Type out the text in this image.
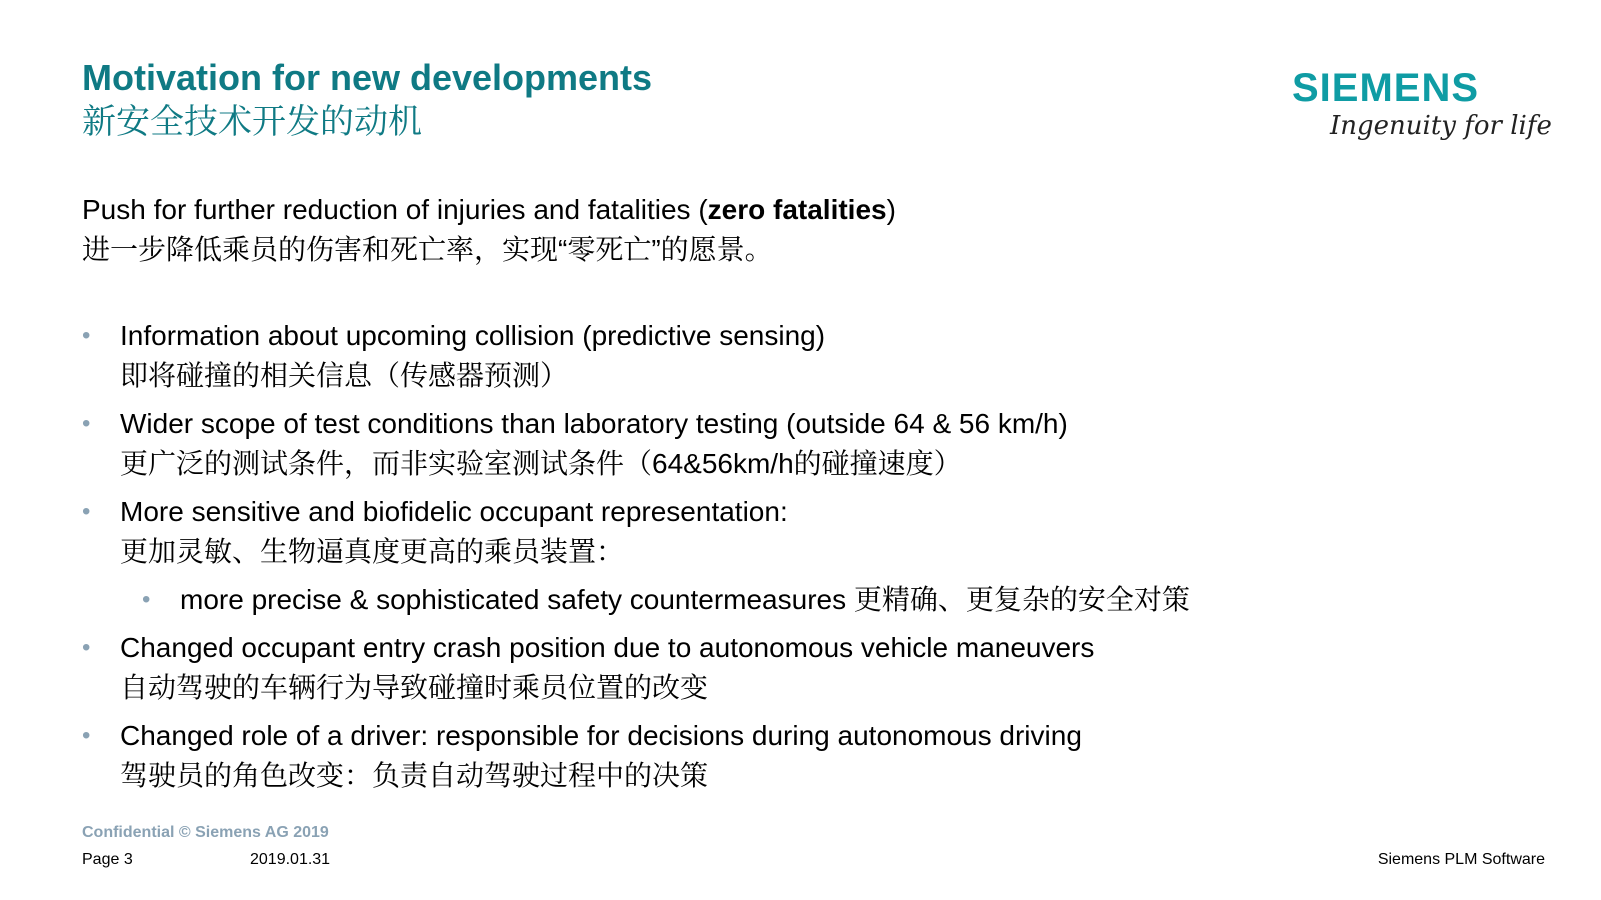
Motivation for new developments
新安全技术开发的动机
SIEMENS
Ingenuity for life
Push for further reduction of injuries and fatalities (zero fatalities)
进一步降低乘员的伤害和死亡率，实现“零死亡”的愿景。
• Information about upcoming collision (predictive sensing)
即将碰撞的相关信息（传感器预测）
• Wider scope of test conditions than laboratory testing (outside 64 & 56 km/h)
更广泛的测试条件，而非实验室测试条件（64&56km/h的碰撞速度）
• More sensitive and biofidelic occupant representation:
更加灵敏、生物逼真度更高的乘员装置：
• more precise & sophisticated safety countermeasures 更精确、更复杂的安全对策
• Changed occupant entry crash position due to autonomous vehicle maneuvers
自动驾驶的车辆行为导致碰撞时乘员位置的改变
• Changed role of a driver: responsible for decisions during autonomous driving
驾驶员的角色改变：负责自动驾驶过程中的决策
Confidential © Siemens AG 2019
Page 3	2019.01.31	Siemens PLM Software
